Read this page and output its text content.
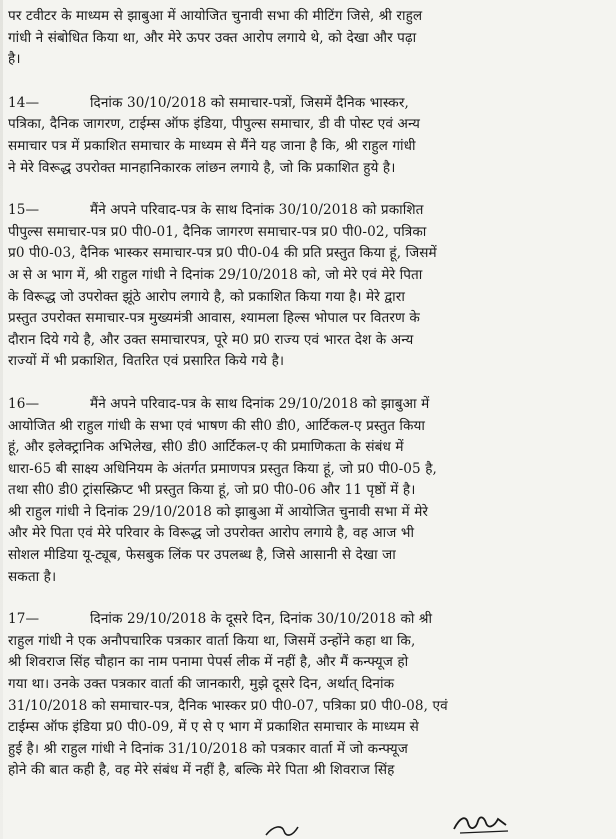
पर टवीटर के माध्यम से झाबुआ में आयोजित चुनावी सभा की मीटिंग जिसे, श्री राहुल
गांधी ने संबोधित किया था, और मेरे ऊपर उक्त आरोप लगाये थे, को देखा और पढ़ा
है।
14—	दिनांक 30/10/2018 को समाचार-पत्रों, जिसमें दैनिक भास्कर,
पत्रिका, दैनिक जागरण, टाईम्स ऑफ इंडिया, पीपुल्स समाचार, डी वी पोस्ट एवं अन्य
समाचार पत्र में प्रकाशित समाचार के माध्यम से मैंने यह जाना है कि, श्री राहुल गांधी
ने मेरे विरूद्ध उपरोक्त मानहानिकारक लांछन लगाये है, जो कि प्रकाशित हुये है।
15—	मैंने अपने परिवाद-पत्र के साथ दिनांक 30/10/2018 को प्रकाशित
पीपुल्स समाचार-पत्र प्र0 पी0-01, दैनिक जागरण समाचार-पत्र प्र0 पी0-02, पत्रिका
प्र0 पी0-03, दैनिक भास्कर समाचार-पत्र प्र0 पी0-04 की प्रति प्रस्तुत किया हूं, जिसमें
अ से अ भाग में, श्री राहुल गांधी ने दिनांक 29/10/2018 को, जो मेरे एवं मेरे पिता
के विरूद्ध जो उपरोक्त झूंठे आरोप लगाये है, को प्रकाशित किया गया है। मेरे द्वारा
प्रस्तुत उपरोक्त समाचार-पत्र मुख्यमंत्री आवास, श्यामला हिल्स भोपाल पर वितरण के
दौरान दिये गये है, और उक्त समाचारपत्र, पूरे म0 प्र0 राज्य एवं भारत देश के अन्य
राज्यों में भी प्रकाशित, वितरित एवं प्रसारित किये गये है।
16—	मैंने अपने परिवाद-पत्र के साथ दिनांक 29/10/2018 को झाबुआ में
आयोजित श्री राहुल गांधी के सभा एवं भाषण की सी0 डी0, आर्टिकल-ए प्रस्तुत किया
हूं, और इलेक्ट्रानिक अभिलेख, सी0 डी0 आर्टिकल-ए की प्रमाणिकता के संबंध में
धारा-65 बी साक्ष्य अधिनियम के अंतर्गत प्रमाणपत्र प्रस्तुत किया हूं, जो प्र0 पी0-05 है,
तथा सी0 डी0 ट्रांसस्क्रिप्ट भी प्रस्तुत किया हूं, जो प्र0 पी0-06 और 11 पृष्ठों में है।
श्री राहुल गांधी ने दिनांक 29/10/2018 को झाबुआ में आयोजित चुनावी सभा में मेरे
और मेरे पिता एवं मेरे परिवार के विरूद्ध जो उपरोक्त आरोप लगाये है, वह आज भी
सोशल मीडिया यू-ट्यूब, फेसबुक लिंक पर उपलब्ध है, जिसे आसानी से देखा जा
सकता है।
17—	दिनांक 29/10/2018 के दूसरे दिन, दिनांक 30/10/2018 को श्री
राहुल गांधी ने एक अनौपचारिक पत्रकार वार्ता किया था, जिसमें उन्होंने कहा था कि,
श्री शिवराज सिंह चौहान का नाम पनामा पेपर्स लीक में नहीं है, और मैं कन्फ्यूज हो
गया था। उनके उक्त पत्रकार वार्ता की जानकारी, मुझे दूसरे दिन, अर्थात् दिनांक
31/10/2018 को समाचार-पत्र, दैनिक भास्कर प्र0 पी0-07, पत्रिका प्र0 पी0-08, एवं
टाईम्स ऑफ इंडिया प्र0 पी0-09, में ए से ए भाग में प्रकाशित समाचार के माध्यम से
हुई है। श्री राहुल गांधी ने दिनांक 31/10/2018 को पत्रकार वार्ता में जो कन्फ्यूज
होने की बात कही है, वह मेरे संबंध में नहीं है, बल्कि मेरे पिता श्री शिवराज सिंह
